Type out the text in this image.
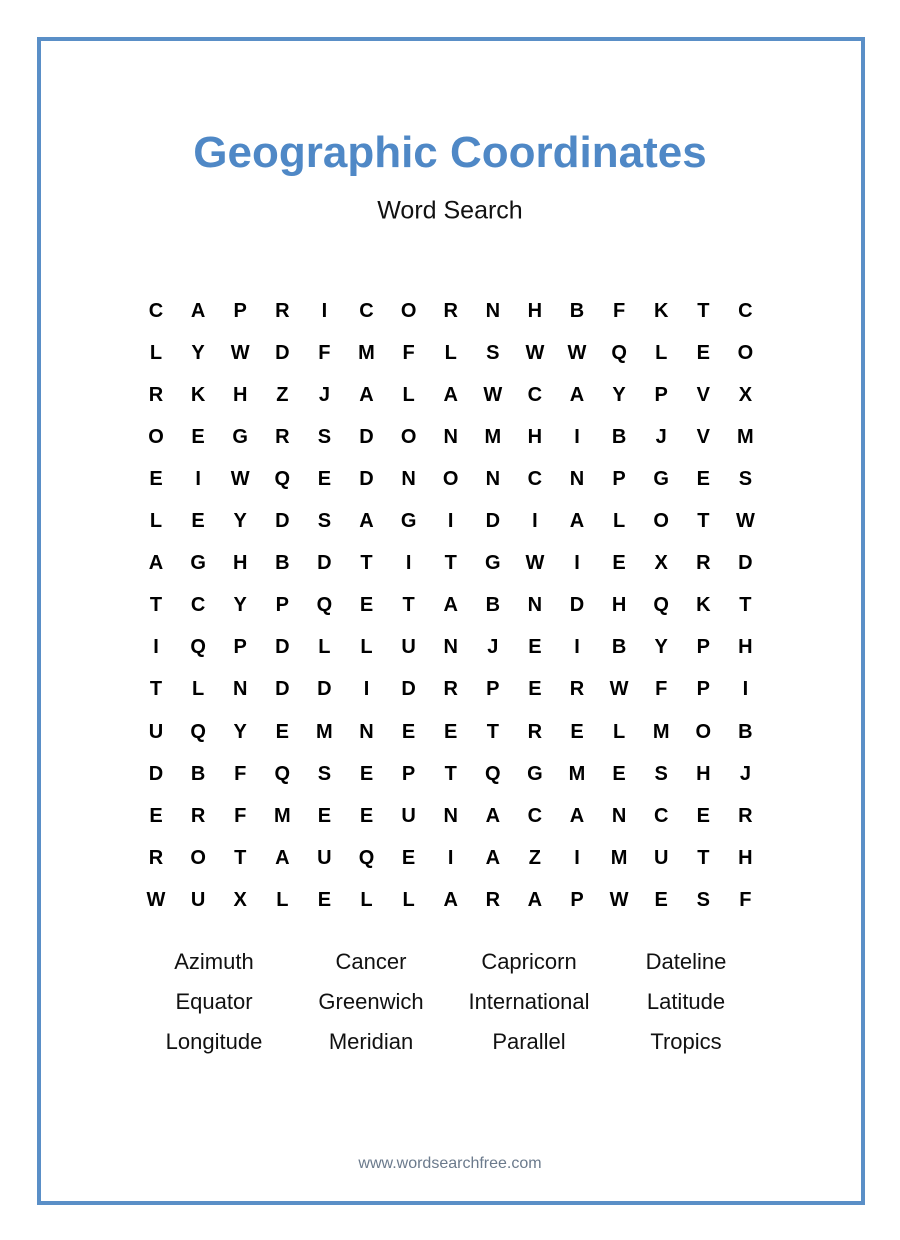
Geographic Coordinates
Word Search
C	A	P	R	I	C	O	R	N	H	B	F	K	T	C
L	Y	W	D	F	M	F	L	S	W	W	Q	L	E	O
R	K	H	Z	J	A	L	A	W	C	A	Y	P	V	X
O	E	G	R	S	D	O	N	M	H	I	B	J	V	M
E	I	W	Q	E	D	N	O	N	C	N	P	G	E	S
L	E	Y	D	S	A	G	I	D	I	A	L	O	T	W
A	G	H	B	D	T	I	T	G	W	I	E	X	R	D
T	C	Y	P	Q	E	T	A	B	N	D	H	Q	K	T
I	Q	P	D	L	L	U	N	J	E	I	B	Y	P	H
T	L	N	D	D	I	D	R	P	E	R	W	F	P	I
U	Q	Y	E	M	N	E	E	T	R	E	L	M	O	B
D	B	F	Q	S	E	P	T	Q	G	M	E	S	H	J
E	R	F	M	E	E	U	N	A	C	A	N	C	E	R
R	O	T	A	U	Q	E	I	A	Z	I	M	U	T	H
W	U	X	L	E	L	L	A	R	A	P	W	E	S	F
Azimuth	Cancer	Capricorn	Dateline
Equator	Greenwich	International	Latitude
Longitude	Meridian	Parallel	Tropics
www.wordsearchfree.com
